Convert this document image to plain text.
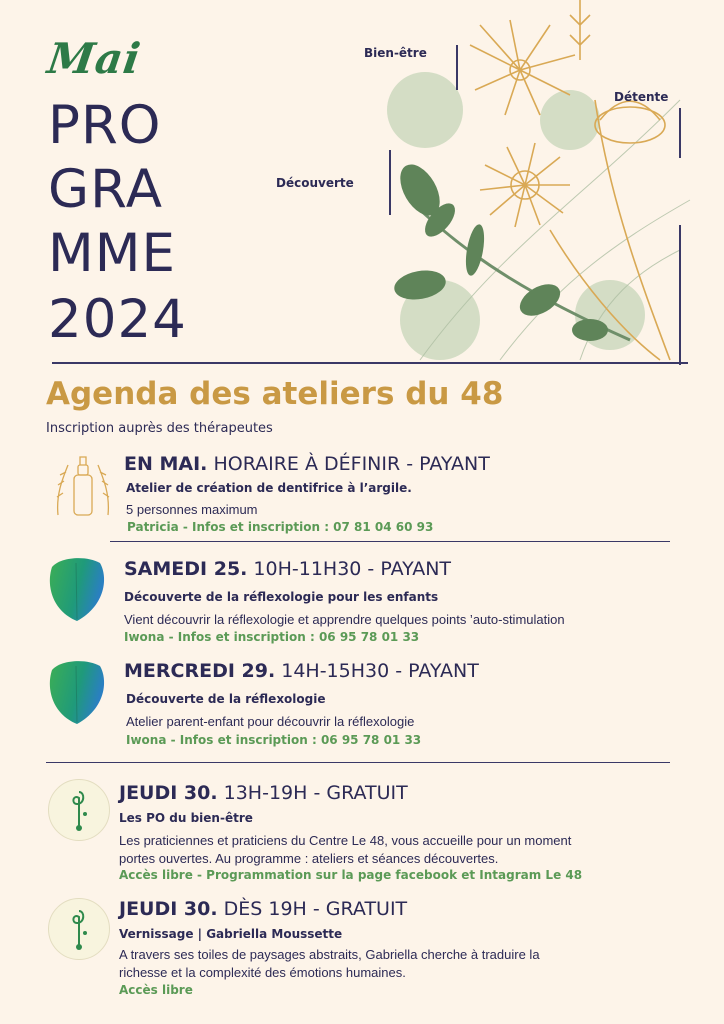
Mai
PRO
GRA
MME
2024
Bien-être
Détente
Découverte
Agenda des ateliers du 48
Inscription auprès des thérapeutes
EN MAI. HORAIRE À DÉFINIR - PAYANT
Atelier de création de dentifrice à l’argile.
5 personnes maximum
Patricia - Infos et inscription : 07 81 04 60 93
SAMEDI 25. 10H-11H30 - PAYANT
Découverte de la réflexologie pour les enfants
Vient découvrir la réflexologie et apprendre quelques points ’auto-stimulation
Iwona - Infos et inscription : 06 95 78 01 33
MERCREDI 29. 14H-15H30 - PAYANT
Découverte de la réflexologie
Atelier parent-enfant pour découvrir la réflexologie
Iwona - Infos et inscription : 06 95 78 01 33
JEUDI 30. 13H-19H - GRATUIT
Les PO du bien-être
Les praticiennes et praticiens du Centre Le 48, vous accueille pour un moment
portes ouvertes. Au programme : ateliers et séances découvertes.
Accès libre - Programmation sur la page facebook et Intagram Le 48
JEUDI 30. DÈS 19H - GRATUIT
Vernissage | Gabriella Moussette
A travers ses toiles de paysages abstraits, Gabriella cherche à traduire la
richesse et la complexité des émotions humaines.
Accès libre
